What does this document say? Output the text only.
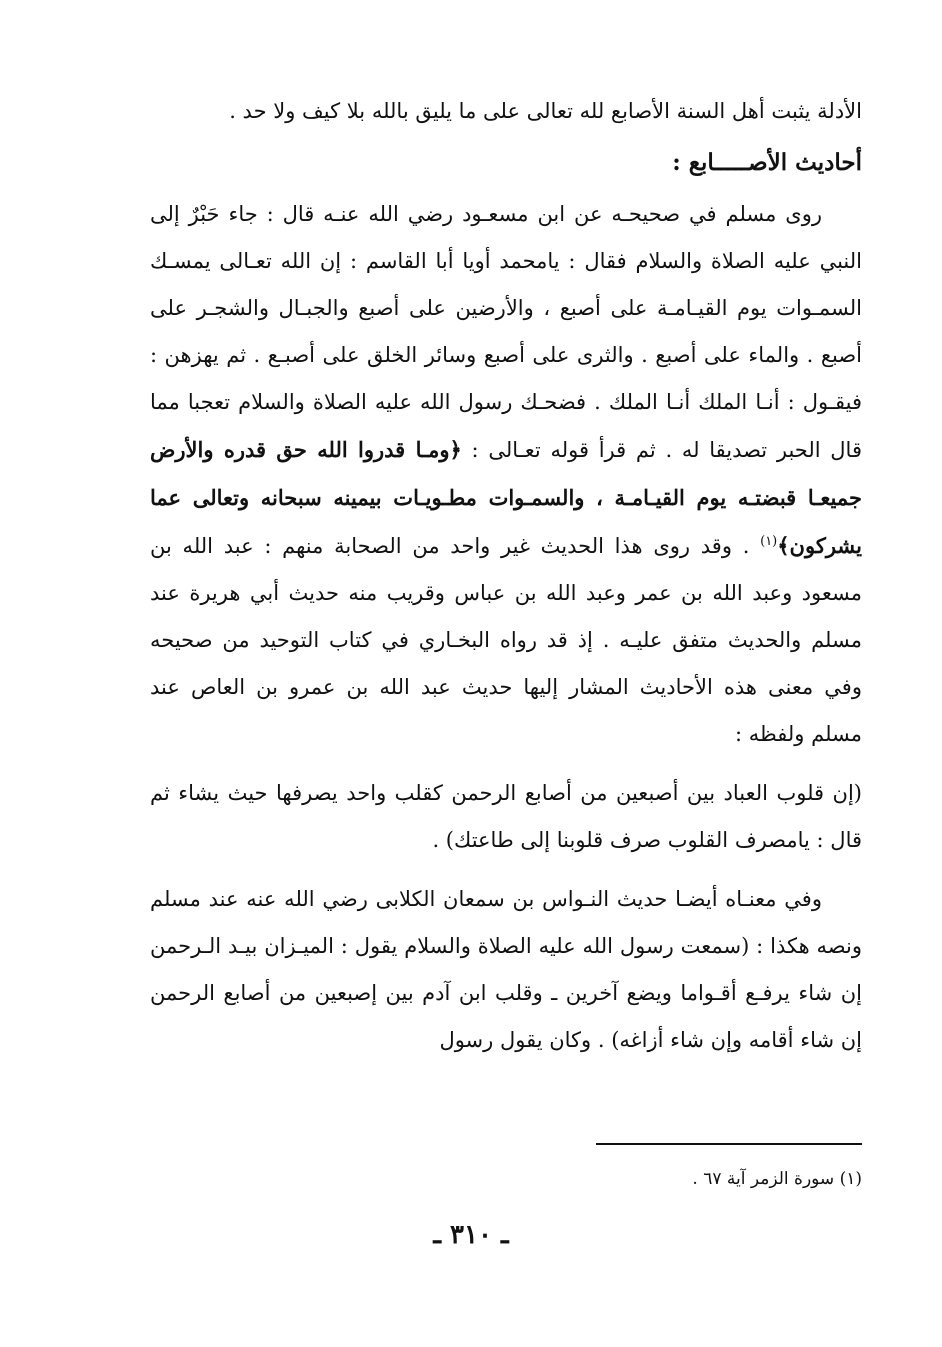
الأدلة يثبت أهل السنة الأصابع لله تعالى على ما يليق بالله بلا كيف ولا حد .

أحاديث الأصـــــابع :

روى مسلم في صحيحـه عن ابن مسعـود رضي الله عنـه قال : جاء حَبْرٌ إلى النبي عليه الصلاة والسلام فقال : يامحمد أويا أبا القاسم : إن الله تعـالى يمسـك السمـوات يوم القيـامـة على أصبع ، والأرضين على أصبع والجبـال والشجـر على أصبع . والماء على أصبع . والثرى على أصبع وسائر الخلق على أصبـع . ثم يهزهن : فيقـول : أنـا الملك أنـا الملك . فضحـك رسول الله عليه الصلاة والسلام تعجبا مما قال الحبر تصديقا له . ثم قرأ قوله تعـالى : ﴿ومـا قدروا الله حق قدره والأرض جميعـا قبضتـه يوم القيـامـة ، والسمـوات مطـويـات بيمينه سبحانه وتعالى عما يشركون﴾$^{(١)}$ . وقد روى هذا الحديث غير واحد من الصحابة منهم : عبد الله بن مسعود وعبد الله بن عمر وعبد الله بن عباس وقريب منه حديث أبي هريرة عند مسلم والحديث متفق عليـه . إذ قد رواه البخـاري في كتاب التوحيد من صحيحه وفي معنى هذه الأحاديث المشار إليها حديث عبد الله بن عمرو بن العاص عند مسلم ولفظه :

(إن قلوب العباد بين أصبعين من أصابع الرحمن كقلب واحد يصرفها حيث يشاء ثم قال : يامصرف القلوب صرف قلوبنا إلى طاعتك) .

وفي معنـاه أيضـا حديث النـواس بن سمعان الكلابى رضي الله عنه عند مسلم ونصه هكذا : (سمعت رسول الله عليه الصلاة والسلام يقول : الميـزان بيـد الـرحمن إن شاء يرفـع أقـواما ويضع آخرين ـ وقلب ابن آدم بين إصبعين من أصابع الرحمن إن شاء أقامه وإن شاء أزاغه) . وكان يقول رسول

(١) سورة الزمر آية ٦٧ .
ـ ٣١٠ ـ
